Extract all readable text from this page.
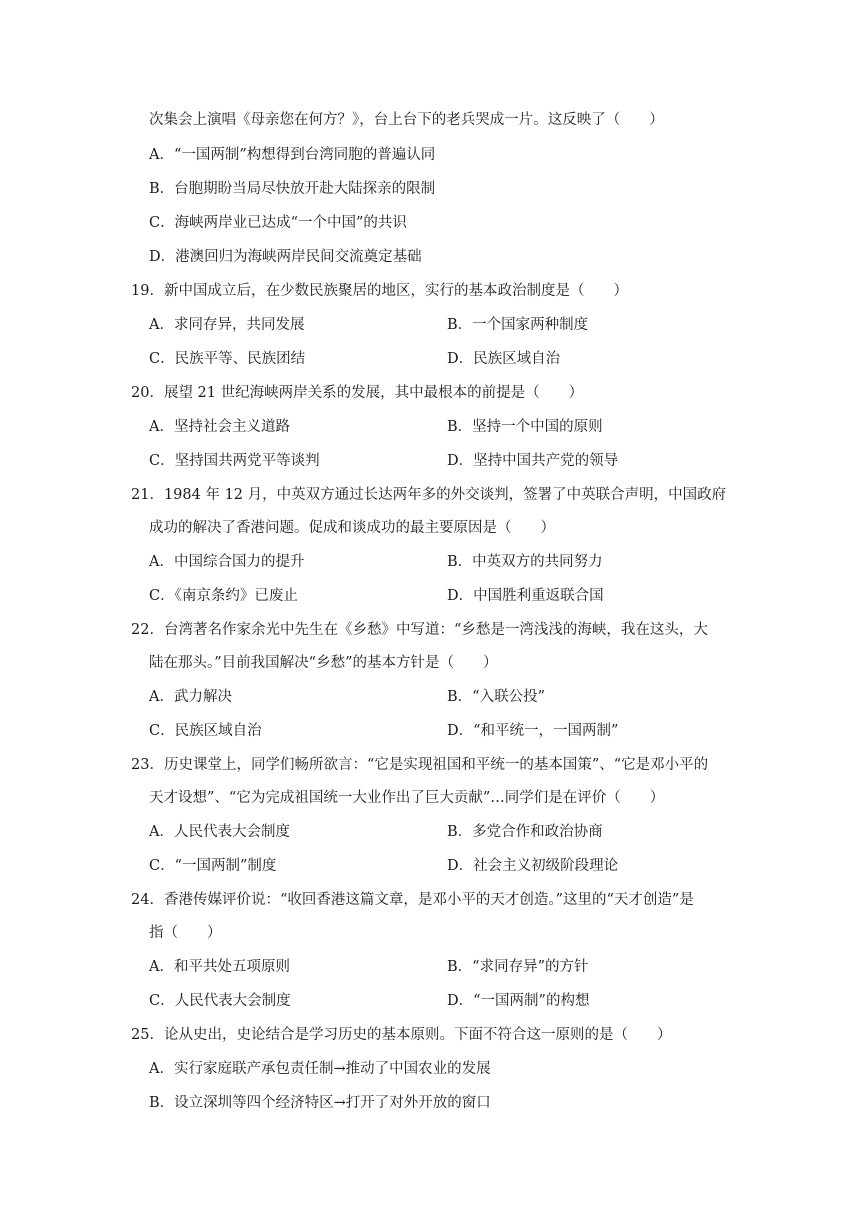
次集会上演唱《母亲您在何方？》，台上台下的老兵哭成一片。这反映了（　　）
A．“一国两制”构想得到台湾同胞的普遍认同
B．台胞期盼当局尽快放开赴大陆探亲的限制
C．海峡两岸业已达成“一个中国”的共识
D．港澳回归为海峡两岸民间交流奠定基础
19．新中国成立后，在少数民族聚居的地区，实行的基本政治制度是（　　）
A．求同存异，共同发展	B．一个国家两种制度
C．民族平等、民族团结	D．民族区域自治
20．展望 21 世纪海峡两岸关系的发展，其中最根本的前提是（　　）
A．坚持社会主义道路	B．坚持一个中国的原则
C．坚持国共两党平等谈判	D．坚持中国共产党的领导
21．1984 年 12 月，中英双方通过长达两年多的外交谈判，签署了中英联合声明，中国政府
成功的解决了香港问题。促成和谈成功的最主要原因是（　　）
A．中国综合国力的提升	B．中英双方的共同努力
C．《南京条约》已废止	D．中国胜利重返联合国
22．台湾著名作家余光中先生在《乡愁》中写道：“乡愁是一湾浅浅的海峡，我在这头，大
陆在那头。”目前我国解决“乡愁”的基本方针是（　　）
A．武力解决	B．“入联公投”
C．民族区域自治	D．“和平统一，一国两制”
23．历史课堂上，同学们畅所欲言：“它是实现祖国和平统一的基本国策”、“它是邓小平的
天才设想”、“它为完成祖国统一大业作出了巨大贡献”…同学们是在评价（　　）
A．人民代表大会制度	B．多党合作和政治协商
C．“一国两制”制度	D．社会主义初级阶段理论
24．香港传媒评价说：“收回香港这篇文章，是邓小平的天才创造。”这里的“天才创造”是
指（　　）
A．和平共处五项原则	B．“求同存异”的方针
C．人民代表大会制度	D．“一国两制”的构想
25．论从史出，史论结合是学习历史的基本原则。下面不符合这一原则的是（　　）
A．实行家庭联产承包责任制→推动了中国农业的发展
B．设立深圳等四个经济特区→打开了对外开放的窗口
